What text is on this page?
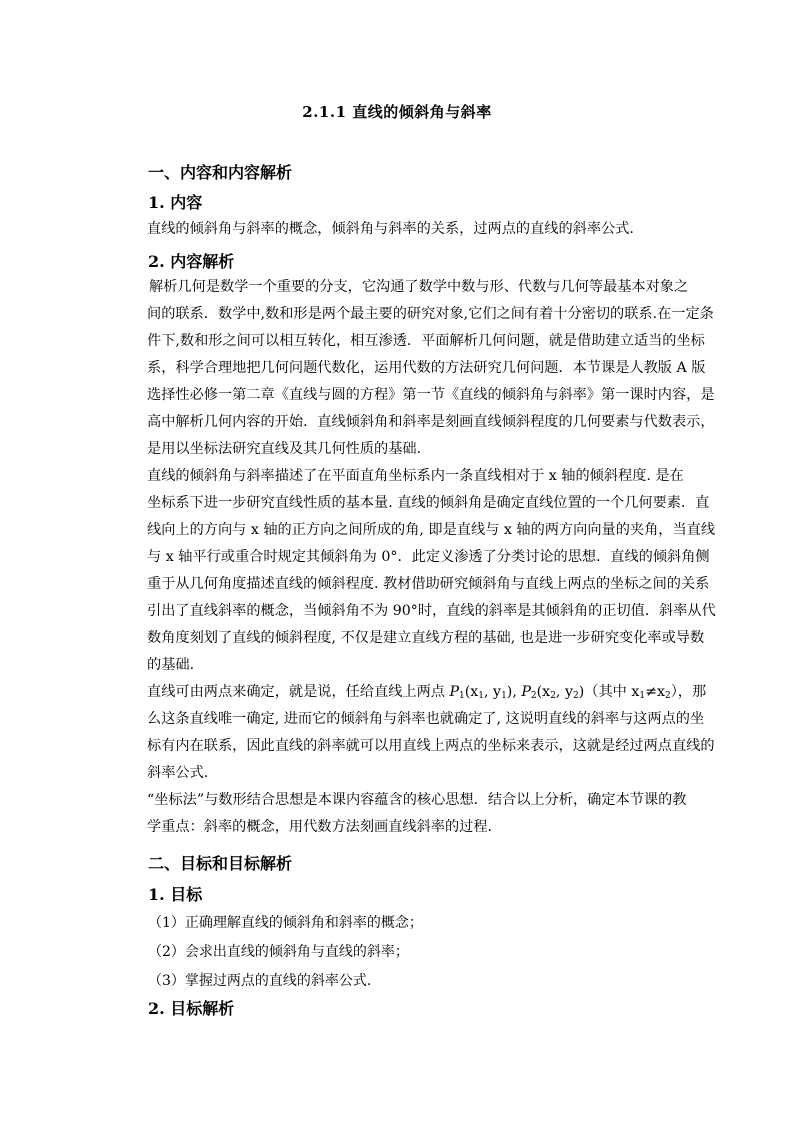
2.1.1 直线的倾斜角与斜率
一、内容和内容解析
1. 内容
直线的倾斜角与斜率的概念，倾斜角与斜率的关系，过两点的直线的斜率公式.
2. 内容解析
解析几何是数学一个重要的分支，它沟通了数学中数与形、代数与几何等最基本对象之
间的联系．数学中,数和形是两个最主要的研究对象,它们之间有着十分密切的联系.在一定条
件下,数和形之间可以相互转化，相互渗透．平面解析几何问题，就是借助建立适当的坐标
系，科学合理地把几何问题代数化，运用代数的方法研究几何问题．本节课是人教版 A 版
选择性必修一第二章《直线与圆的方程》第一节《直线的倾斜角与斜率》第一课时内容，是
高中解析几何内容的开始．直线倾斜角和斜率是刻画直线倾斜程度的几何要素与代数表示，
是用以坐标法研究直线及其几何性质的基础.
直线的倾斜角与斜率描述了在平面直角坐标系内一条直线相对于 x 轴的倾斜程度. 是在
坐标系下进一步研究直线性质的基本量. 直线的倾斜角是确定直线位置的一个几何要素．直
线向上的方向与 x 轴的正方向之间所成的角, 即是直线与 x 轴的两方向向量的夹角，当直线
与 x 轴平行或重合时规定其倾斜角为 0°．此定义渗透了分类讨论的思想．直线的倾斜角侧
重于从几何角度描述直线的倾斜程度. 教材借助研究倾斜角与直线上两点的坐标之间的关系
引出了直线斜率的概念，当倾斜角不为 90°时，直线的斜率是其倾斜角的正切值．斜率从代
数角度刻划了直线的倾斜程度, 不仅是建立直线方程的基础, 也是进一步研究变化率或导数
的基础.
直线可由两点来确定，就是说，任给直线上两点 $P_1(x_1$, $y_1$), $P_2(x_2$, $y_2$)（其中 $x_1\ne x_2$），那
么这条直线唯一确定, 进而它的倾斜角与斜率也就确定了, 这说明直线的斜率与这两点的坐
标有内在联系，因此直线的斜率就可以用直线上两点的坐标来表示，这就是经过两点直线的
斜率公式.
“坐标法”与数形结合思想是本课内容蕴含的核心思想．结合以上分析，确定本节课的教
学重点：斜率的概念，用代数方法刻画直线斜率的过程．
二、目标和目标解析
1. 目标
（1）正确理解直线的倾斜角和斜率的概念；
（2）会求出直线的倾斜角与直线的斜率；
（3）掌握过两点的直线的斜率公式.
2. 目标解析
